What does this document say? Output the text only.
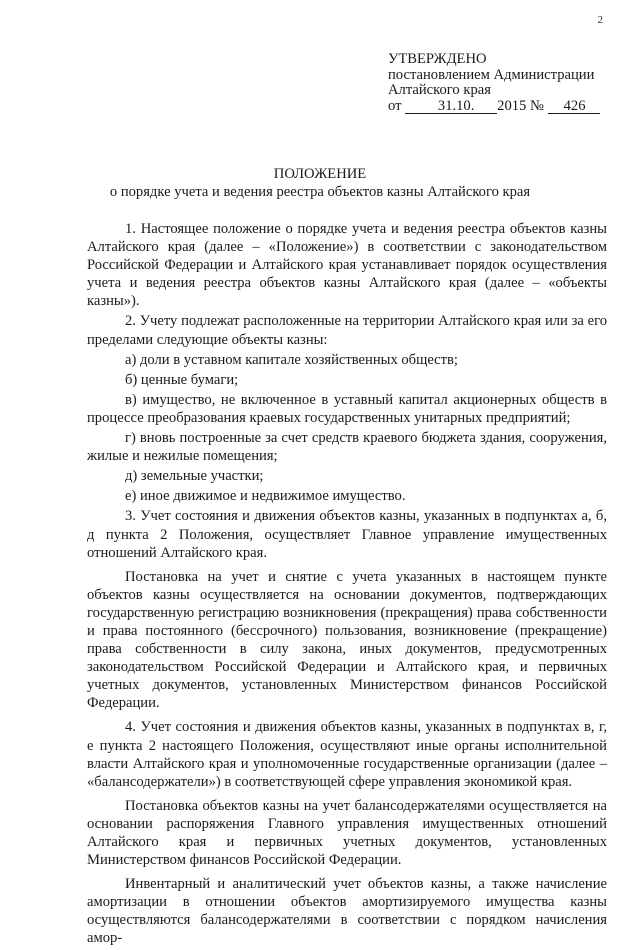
2
УТВЕРЖДЕНО
постановлением Администрации
Алтайского края
от 31.10. 2015 № 426
ПОЛОЖЕНИЕ
о порядке учета и ведения реестра объектов казны Алтайского края

1. Настоящее положение о порядке учета и ведения реестра объектов казны Алтайского края (далее – «Положение») в соответствии с законодательством Российской Федерации и Алтайского края устанавливает порядок осуществления учета и ведения реестра объектов казны Алтайского края (далее – «объекты казны»).

2. Учету подлежат расположенные на территории Алтайского края или за его пределами следующие объекты казны:

а) доли в уставном капитале хозяйственных обществ;

б) ценные бумаги;

в) имущество, не включенное в уставный капитал акционерных обществ в процессе преобразования краевых государственных унитарных предприятий;

г) вновь построенные за счет средств краевого бюджета здания, сооружения, жилые и нежилые помещения;

д) земельные участки;

е) иное движимое и недвижимое имущество.

3. Учет состояния и движения объектов казны, указанных в подпунктах а, б, д пункта 2 Положения, осуществляет Главное управление имущественных отношений Алтайского края.

Постановка на учет и снятие с учета указанных в настоящем пункте объектов казны осуществляется на основании документов, подтверждающих государственную регистрацию возникновения (прекращения) права собственности и права постоянного (бессрочного) пользования, возникновение (прекращение) права собственности в силу закона, иных документов, предусмотренных законодательством Российской Федерации и Алтайского края, и первичных учетных документов, установленных Министерством финансов Российской Федерации.

4. Учет состояния и движения объектов казны, указанных в подпунктах в, г, е пункта 2 настоящего Положения, осуществляют иные органы исполнительной власти Алтайского края и уполномоченные государственные организации (далее – «балансодержатели») в соответствующей сфере управления экономикой края.

Постановка объектов казны на учет балансодержателями осуществляется на основании распоряжения Главного управления имущественных отношений Алтайского края и первичных учетных документов, установленных Министерством финансов Российской Федерации.

Инвентарный и аналитический учет объектов казны, а также начисление амортизации в отношении объектов амортизируемого имущества казны осуществляются балансодержателями в соответствии с порядком начисления амор-
